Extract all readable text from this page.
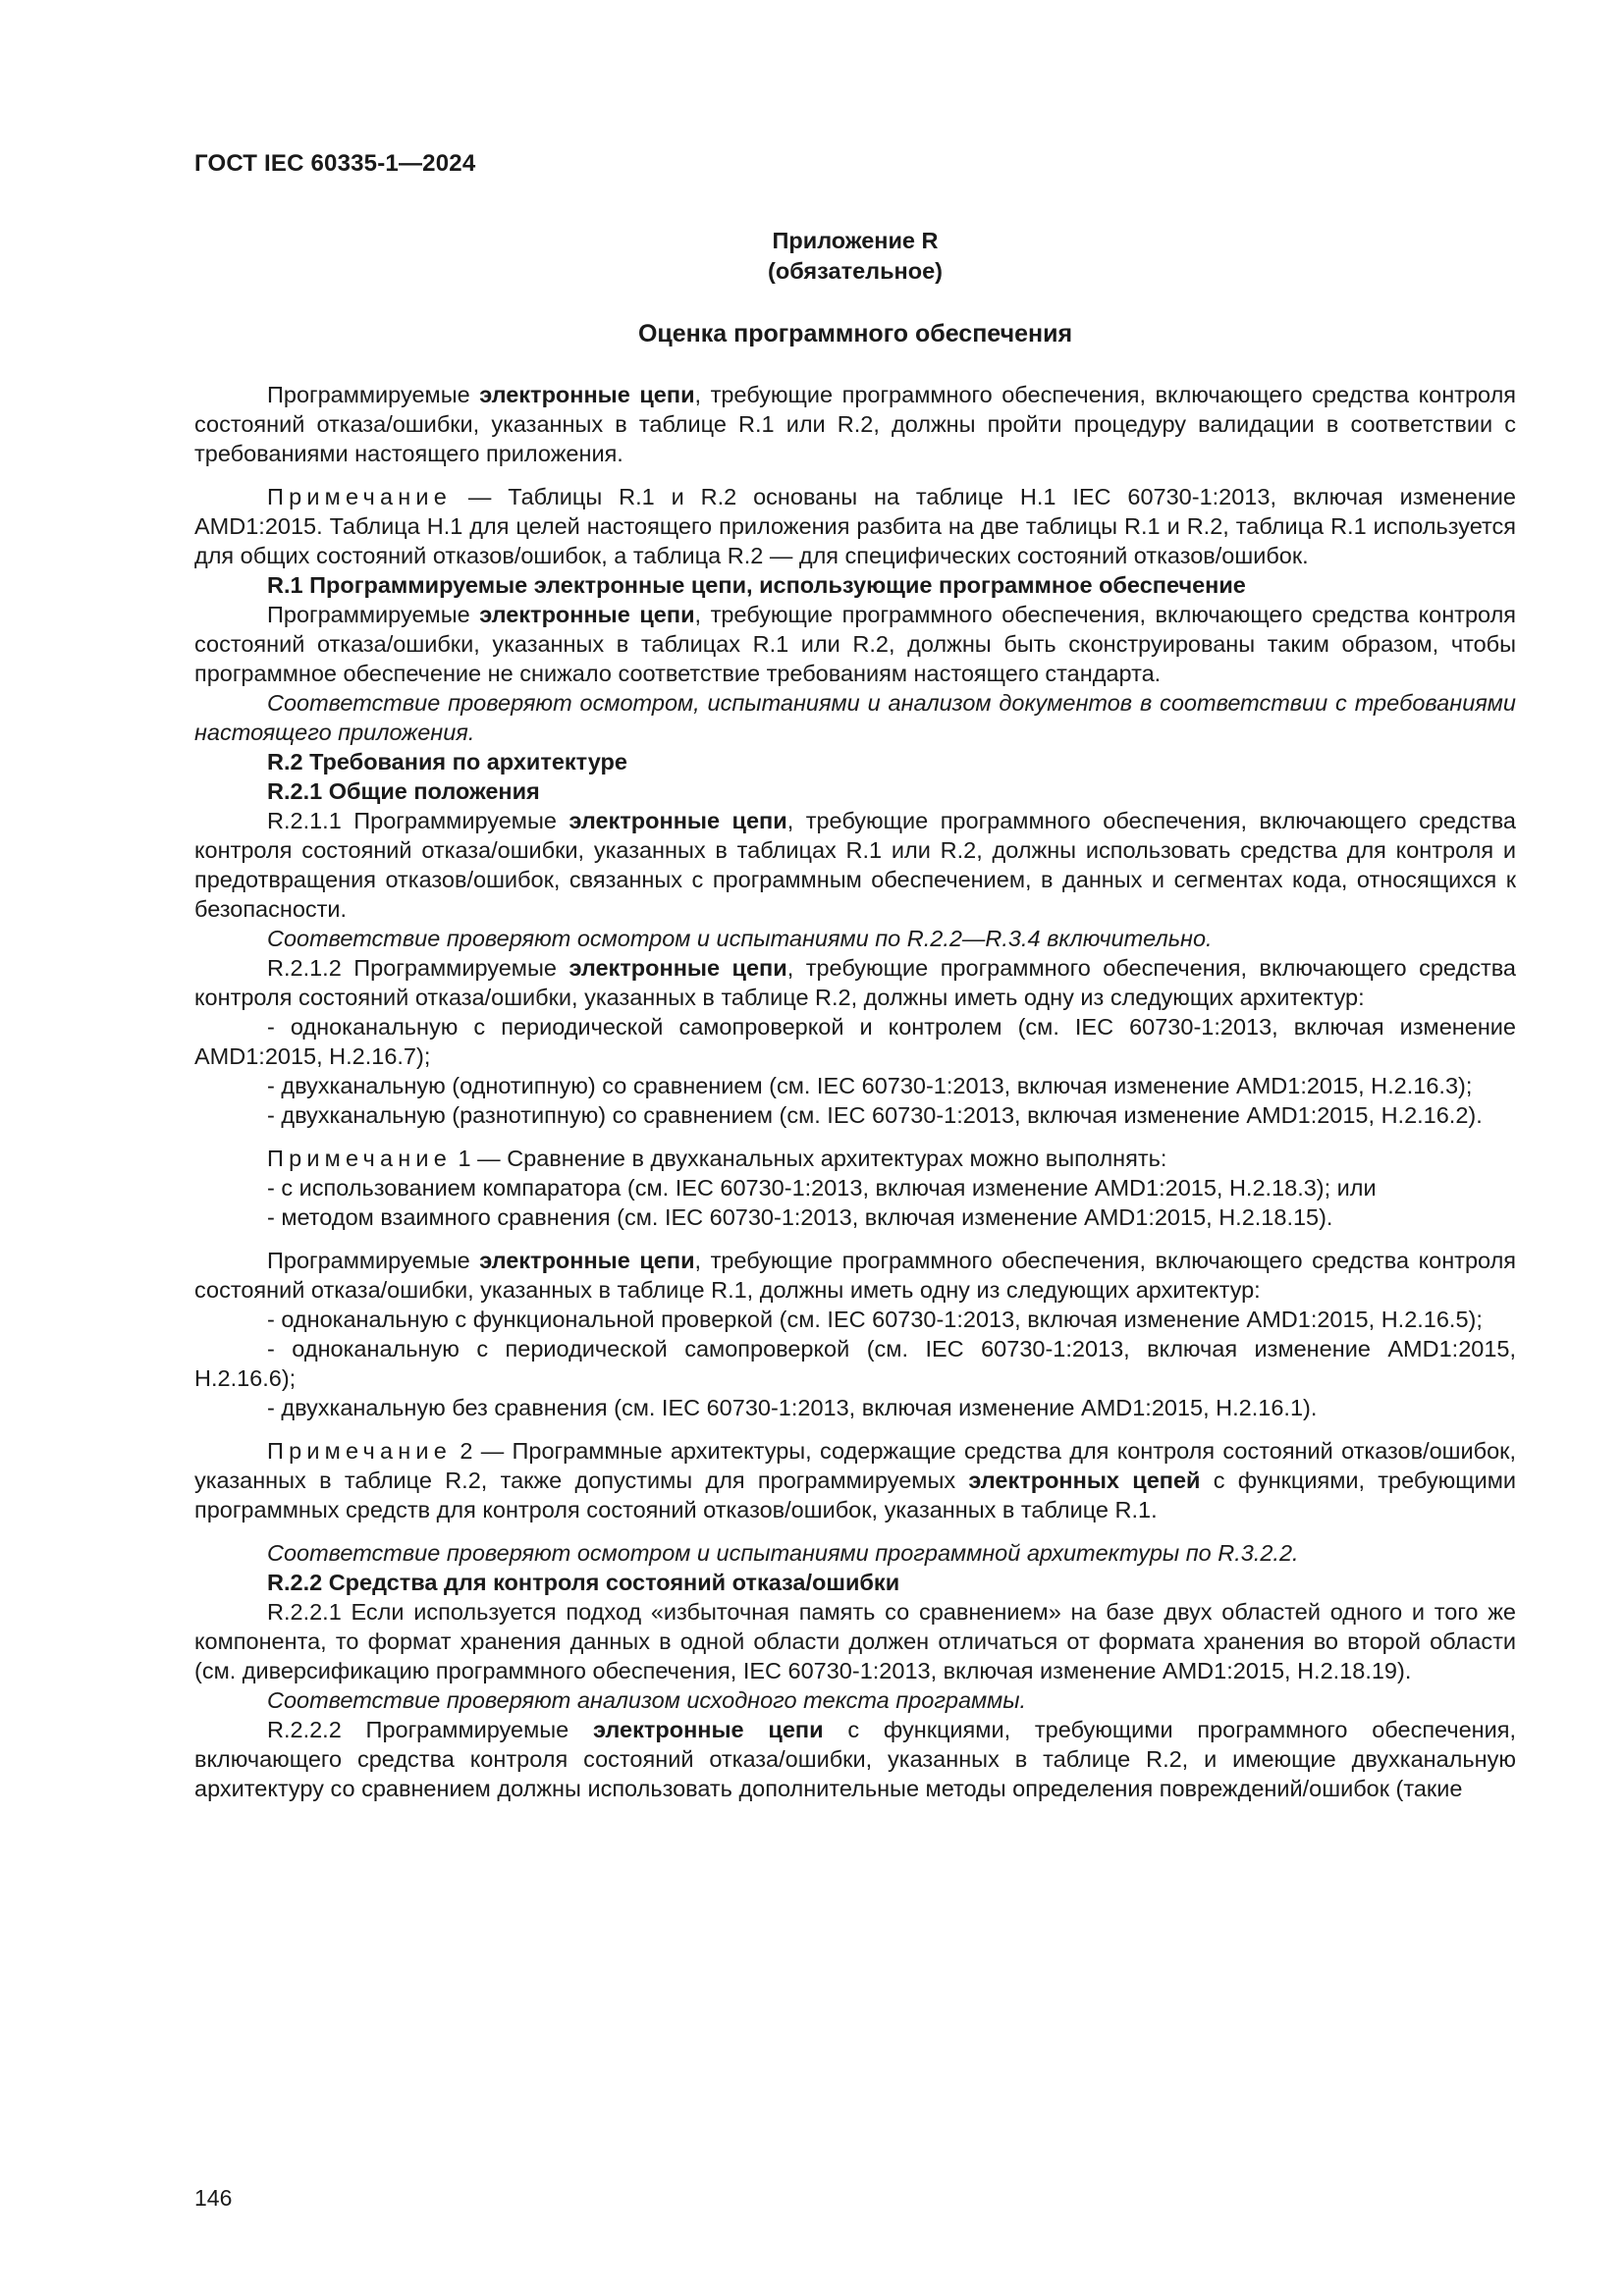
ГОСТ IEC 60335-1—2024
Приложение R
(обязательное)
Оценка программного обеспечения

Программируемые электронные цепи, требующие программного обеспечения, включающего средства контроля состояний отказа/ошибки, указанных в таблице R.1 или R.2, должны пройти процедуру валидации в соответствии с требованиями настоящего приложения.

Примечание — Таблицы R.1 и R.2 основаны на таблице H.1 IEC 60730-1:2013, включая изменение AMD1:2015. Таблица H.1 для целей настоящего приложения разбита на две таблицы R.1 и R.2, таблица R.1 используется для общих состояний отказов/ошибок, а таблица R.2 — для специфических состояний отказов/ошибок.

R.1 Программируемые электронные цепи, использующие программное обеспечение

Программируемые электронные цепи, требующие программного обеспечения, включающего средства контроля состояний отказа/ошибки, указанных в таблицах R.1 или R.2, должны быть сконструированы таким образом, чтобы программное обеспечение не снижало соответствие требованиям настоящего стандарта.

Соответствие проверяют осмотром, испытаниями и анализом документов в соответствии с требованиями настоящего приложения.

R.2 Требования по архитектуре

R.2.1 Общие положения

R.2.1.1 Программируемые электронные цепи, требующие программного обеспечения, включающего средства контроля состояний отказа/ошибки, указанных в таблицах R.1 или R.2, должны использовать средства для контроля и предотвращения отказов/ошибок, связанных с программным обеспечением, в данных и сегментах кода, относящихся к безопасности.

Соответствие проверяют осмотром и испытаниями по R.2.2—R.3.4 включительно.

R.2.1.2 Программируемые электронные цепи, требующие программного обеспечения, включающего средства контроля состояний отказа/ошибки, указанных в таблице R.2, должны иметь одну из следующих архитектур:

- одноканальную с периодической самопроверкой и контролем (см. IEC 60730-1:2013, включая изменение AMD1:2015, H.2.16.7);

- двухканальную (однотипную) со сравнением (см. IEC 60730-1:2013, включая изменение AMD1:2015, H.2.16.3);

- двухканальную (разнотипную) со сравнением (см. IEC 60730-1:2013, включая изменение AMD1:2015, H.2.16.2).

Примечание 1 — Сравнение в двухканальных архитектурах можно выполнять:

- с использованием компаратора (см. IEC 60730-1:2013, включая изменение AMD1:2015, H.2.18.3); или

- методом взаимного сравнения (см. IEC 60730-1:2013, включая изменение AMD1:2015, H.2.18.15).

Программируемые электронные цепи, требующие программного обеспечения, включающего средства контроля состояний отказа/ошибки, указанных в таблице R.1, должны иметь одну из следующих архитектур:

- одноканальную с функциональной проверкой (см. IEC 60730-1:2013, включая изменение AMD1:2015, H.2.16.5);

- одноканальную с периодической самопроверкой (см. IEC 60730-1:2013, включая изменение AMD1:2015, H.2.16.6);

- двухканальную без сравнения (см. IEC 60730-1:2013, включая изменение AMD1:2015, H.2.16.1).

Примечание 2 — Программные архитектуры, содержащие средства для контроля состояний отказов/ошибок, указанных в таблице R.2, также допустимы для программируемых электронных цепей с функциями, требующими программных средств для контроля состояний отказов/ошибок, указанных в таблице R.1.

Соответствие проверяют осмотром и испытаниями программной архитектуры по R.3.2.2.

R.2.2 Средства для контроля состояний отказа/ошибки

R.2.2.1 Если используется подход «избыточная память со сравнением» на базе двух областей одного и того же компонента, то формат хранения данных в одной области должен отличаться от формата хранения во второй области (см. диверсификацию программного обеспечения, IEC 60730-1:2013, включая изменение AMD1:2015, H.2.18.19).

Соответствие проверяют анализом исходного текста программы.

R.2.2.2 Программируемые электронные цепи с функциями, требующими программного обеспечения, включающего средства контроля состояний отказа/ошибки, указанных в таблице R.2, и имеющие двухканальную архитектуру со сравнением должны использовать дополнительные методы определения повреждений/ошибок (такие

146
